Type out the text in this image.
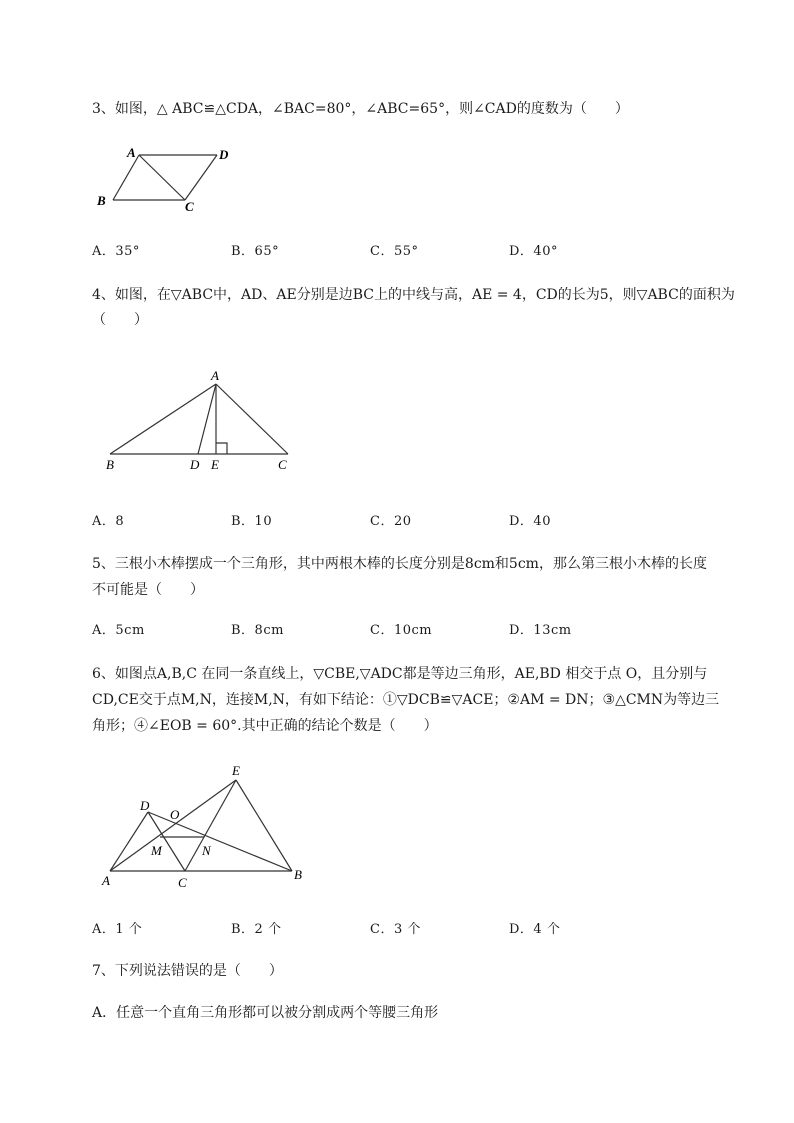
3、如图，△ ABC≌△CDA，∠BAC=80°，∠ABC=65°，则∠CAD的度数为（　　）
A	D
B	C
A．35°	B．65°	C．55°	D．40°
4、如图，在▽ABC中，AD、AE分别是边BC上的中线与高，AE = 4，CD的长为5，则▽ABC的面积为
（　　）
A
B	D E	C
A．8	B．10	C．20	D．40
5、三根小木棒摆成一个三角形，其中两根木棒的长度分别是8cm和5cm，那么第三根小木棒的长度
不可能是（　　）
A．5cm	B．8cm	C．10cm	D．13cm
6、如图点A,B,C 在同一条直线上，▽CBE,▽ADC都是等边三角形，AE,BD 相交于点 O，且分别与
CD,CE交于点M,N，连接M,N，有如下结论：①▽DCB≌▽ACE；②AM = DN；③△CMN为等边三
角形；④∠EOB = 60°.其中正确的结论个数是（　　）
E
D
O
M	N
A	C
B
A．1 个	B．2 个	C．3 个	D．4 个
7、下列说法错误的是（　　）
A．任意一个直角三角形都可以被分割成两个等腰三角形
